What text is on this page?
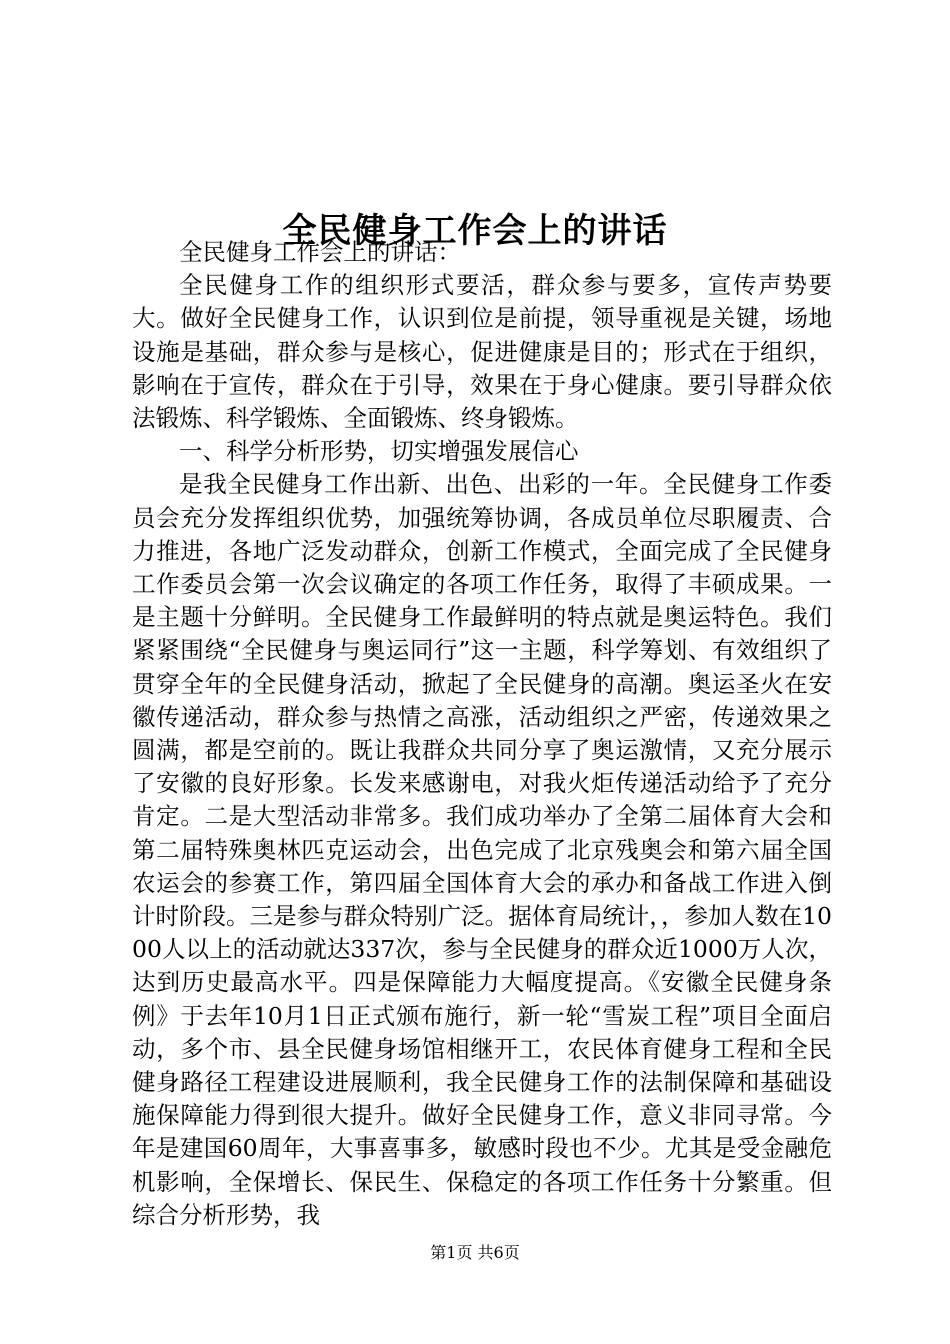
全民健身工作会上的讲话

全民健身工作会上的讲话：

全民健身工作的组织形式要活，群众参与要多，宣传声势要大。做好全民健身工作，认识到位是前提，领导重视是关键，场地设施是基础，群众参与是核心，促进健康是目的；形式在于组织，影响在于宣传，群众在于引导，效果在于身心健康。要引导群众依法锻炼、科学锻炼、全面锻炼、终身锻炼。

一、科学分析形势，切实增强发展信心

是我全民健身工作出新、出色、出彩的一年。全民健身工作委员会充分发挥组织优势，加强统筹协调，各成员单位尽职履责、合力推进，各地广泛发动群众，创新工作模式，全面完成了全民健身工作委员会第一次会议确定的各项工作任务，取得了丰硕成果。一是主题十分鲜明。全民健身工作最鲜明的特点就是奥运特色。我们紧紧围绕“全民健身与奥运同行”这一主题，科学筹划、有效组织了贯穿全年的全民健身活动，掀起了全民健身的高潮。奥运圣火在安徽传递活动，群众参与热情之高涨，活动组织之严密，传递效果之圆满，都是空前的。既让我群众共同分享了奥运激情，又充分展示了安徽的良好形象。长发来感谢电，对我火炬传递活动给予了充分肯定。二是大型活动非常多。我们成功举办了全第二届体育大会和第二届特殊奥林匹克运动会，出色完成了北京残奥会和第六届全国农运会的参赛工作，第四届全国体育大会的承办和备战工作进入倒计时阶段。三是参与群众特别广泛。据体育局统计，，参加人数在1000人以上的活动就达337次，参与全民健身的群众近1000万人次，达到历史最高水平。四是保障能力大幅度提高。《安徽全民健身条例》于去年10月1日正式颁布施行，新一轮“雪炭工程”项目全面启动，多个市、县全民健身场馆相继开工，农民体育健身工程和全民健身路径工程建设进展顺利，我全民健身工作的法制保障和基础设施保障能力得到很大提升。做好全民健身工作，意义非同寻常。今年是建国60周年，大事喜事多，敏感时段也不少。尤其是受金融危机影响，全保增长、保民生、保稳定的各项工作任务十分繁重。但综合分析形势，我

第1页 共6页
